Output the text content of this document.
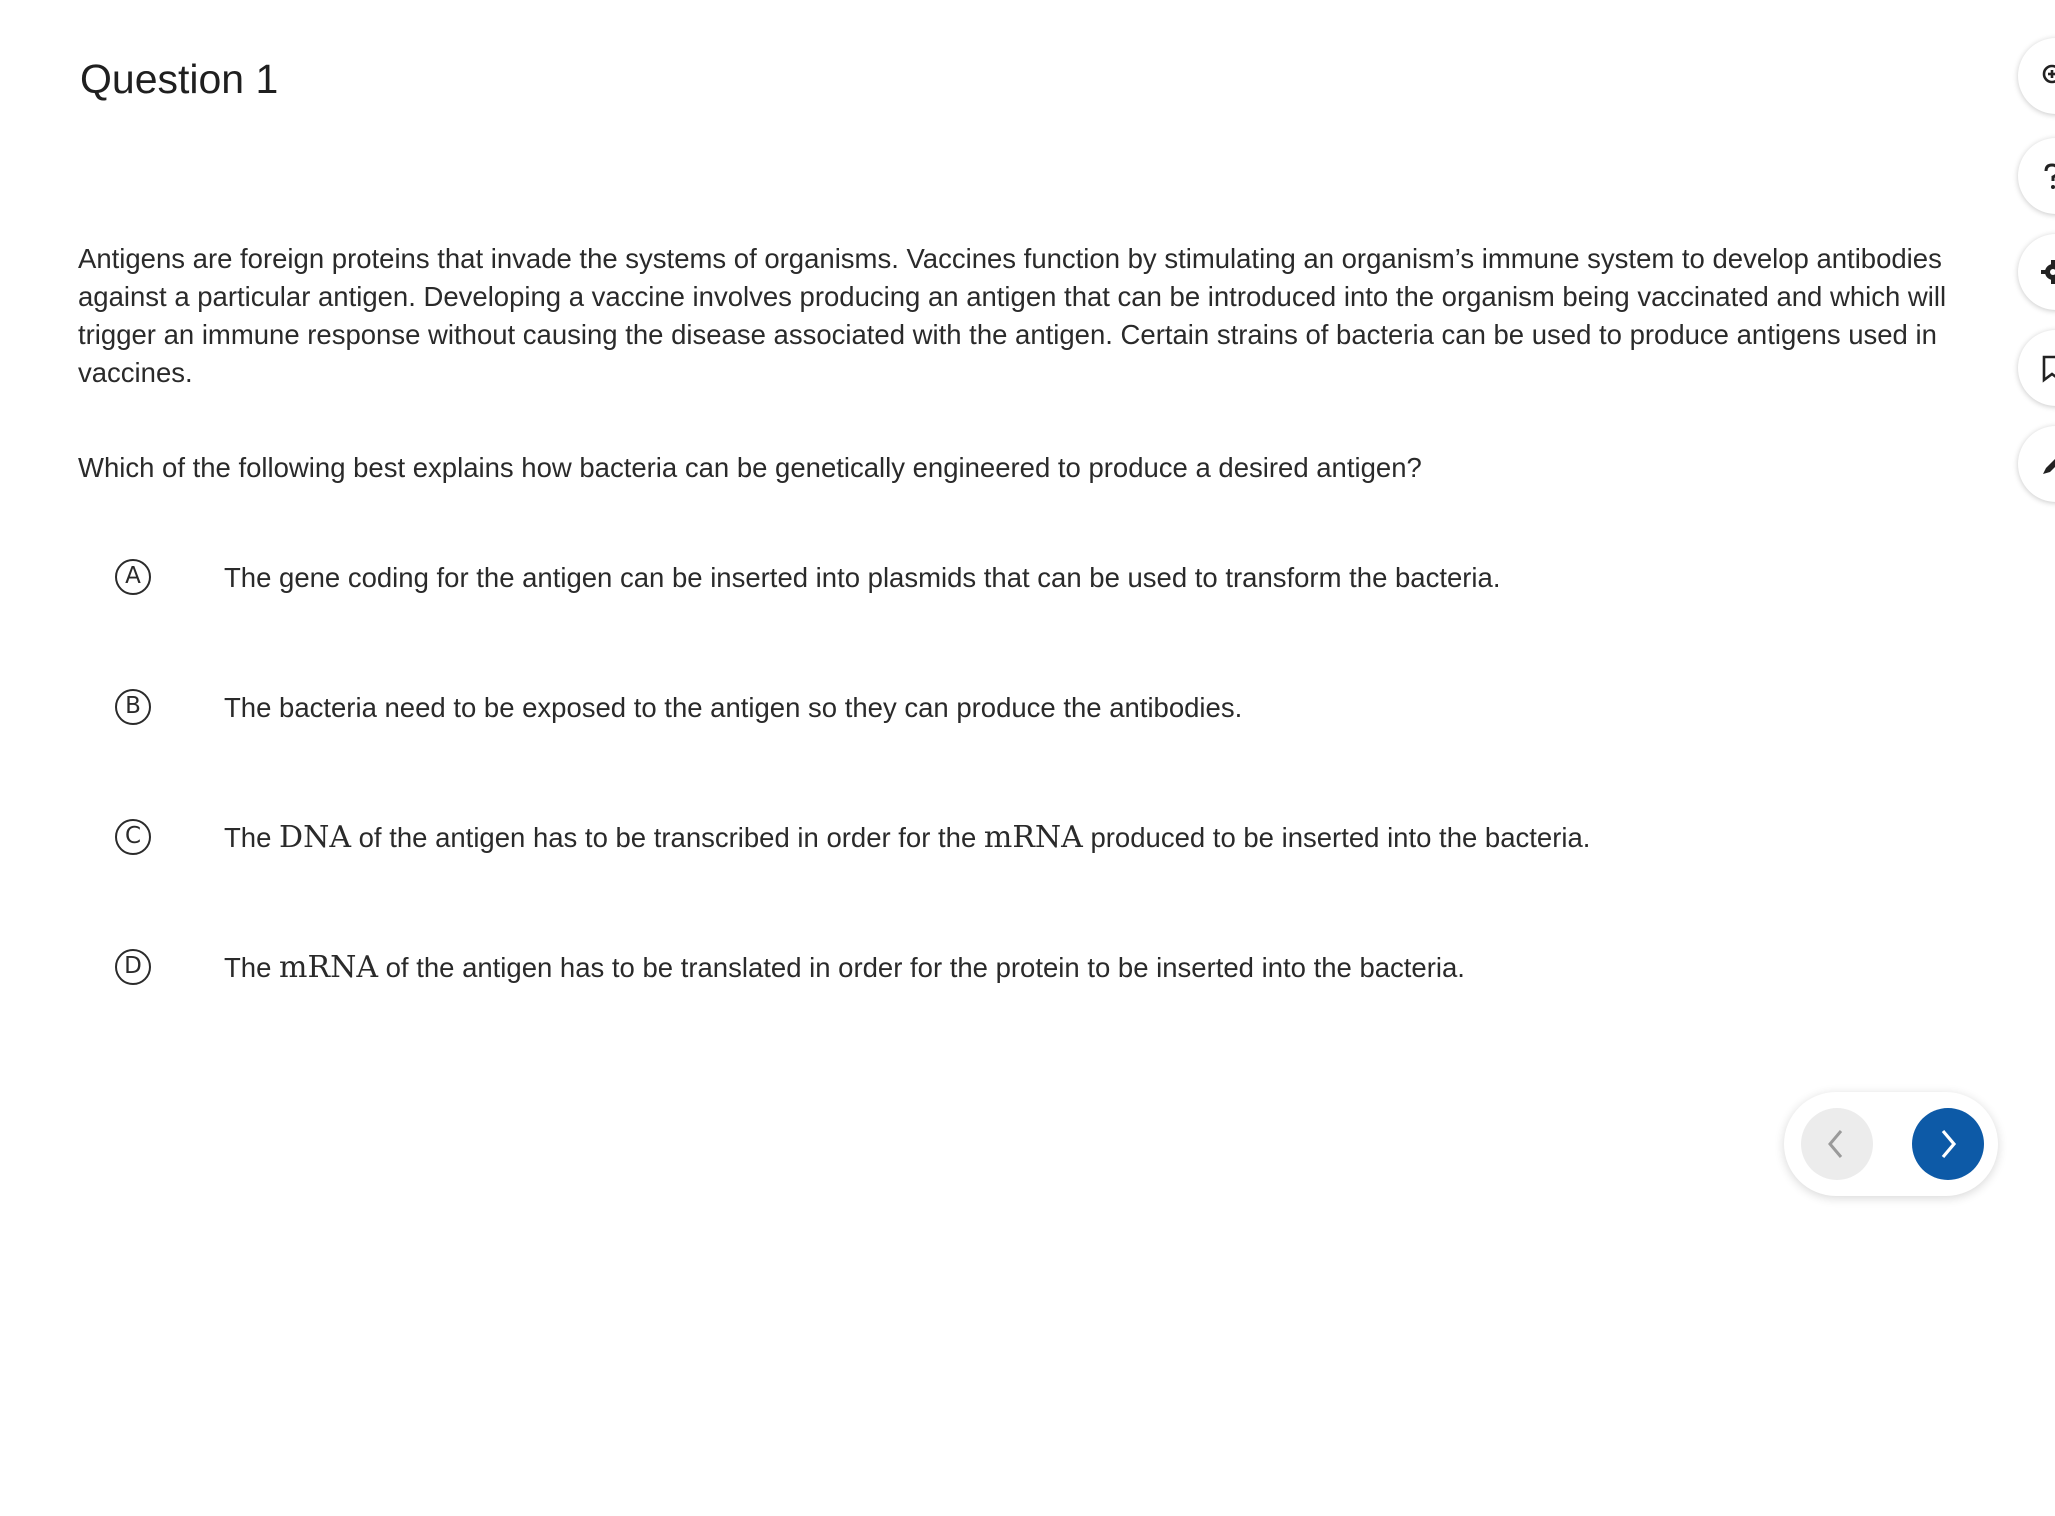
Question 1

Antigens are foreign proteins that invade the systems of organisms. Vaccines function by stimulating an organism’s immune system to develop antibodies against a particular antigen. Developing a vaccine involves producing an antigen that can be introduced into the organism being vaccinated and which will trigger an immune response without causing the disease associated with the antigen. Certain strains of bacteria can be used to produce antigens used in vaccines.

Which of the following best explains how bacteria can be genetically engineered to produce a desired antigen?

A	The gene coding for the antigen can be inserted into plasmids that can be used to transform the bacteria.
B	The bacteria need to be exposed to the antigen so they can produce the antibodies.
C	The DNA of the antigen has to be transcribed in order for the mRNA produced to be inserted into the bacteria.
D	The mRNA of the antigen has to be translated in order for the protein to be inserted into the bacteria.
